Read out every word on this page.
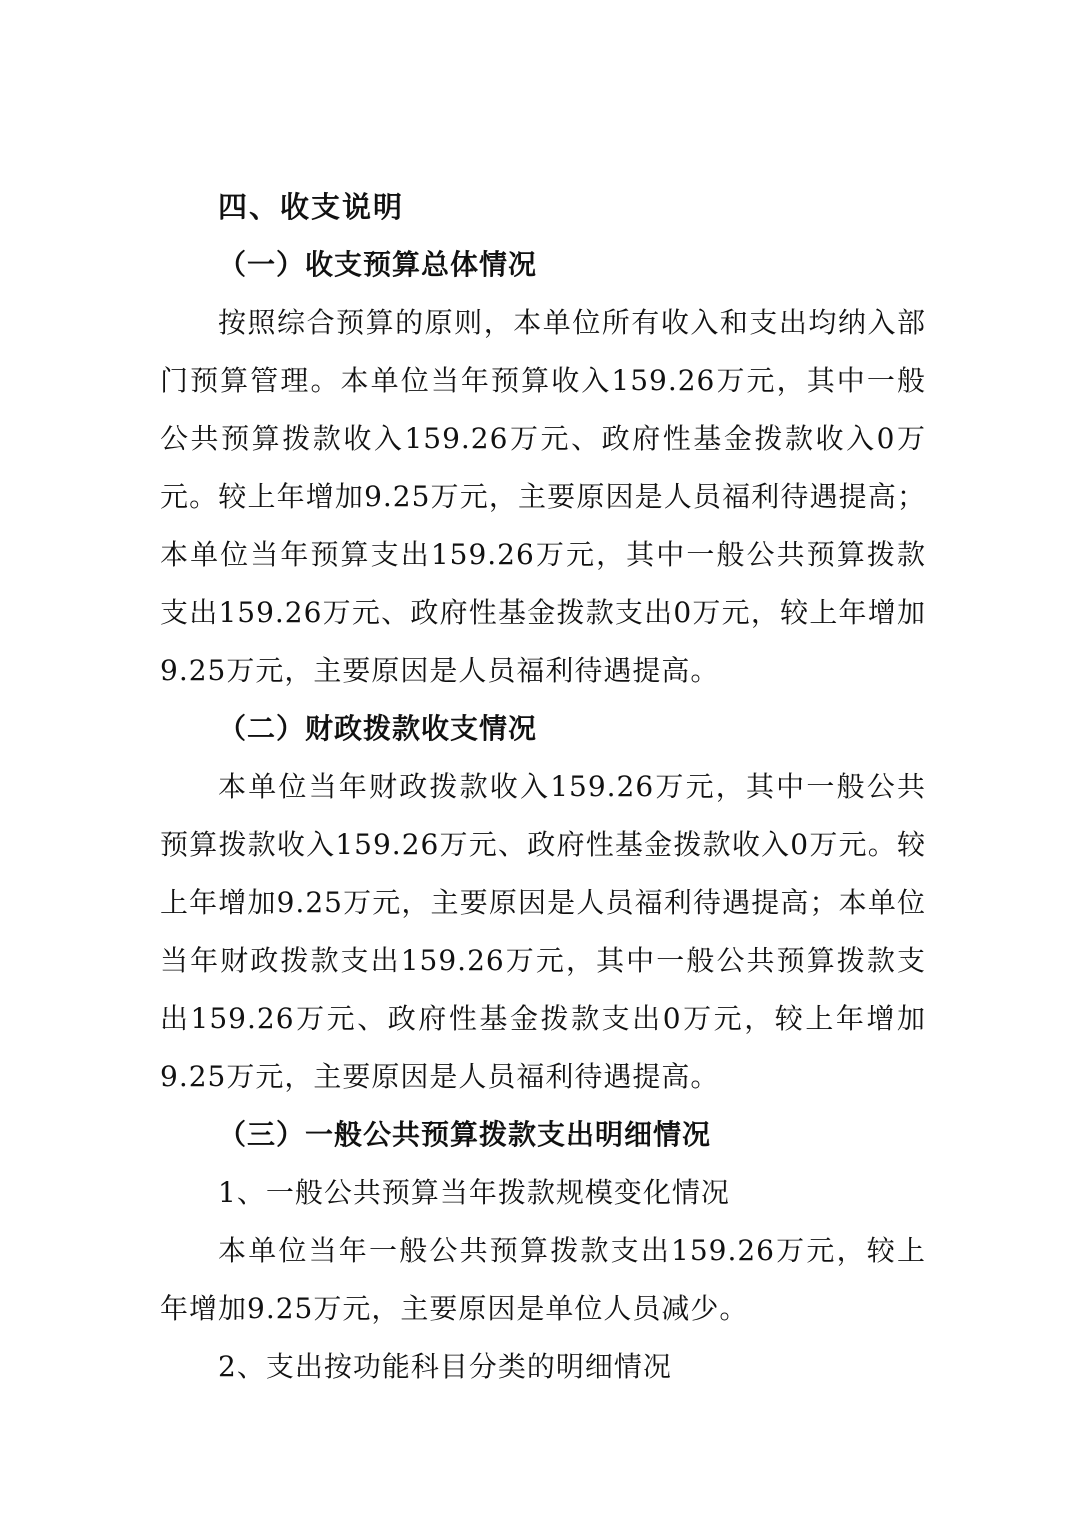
四、收支说明
（一）收支预算总体情况

按照综合预算的原则，本单位所有收入和支出均纳入部门预算管理。本单位当年预算收入159.26万元，其中一般公共预算拨款收入159.26万元、政府性基金拨款收入0万元。较上年增加9.25万元，主要原因是人员福利待遇提高；本单位当年预算支出159.26万元，其中一般公共预算拨款支出159.26万元、政府性基金拨款支出0万元，较上年增加9.25万元，主要原因是人员福利待遇提高。

（二）财政拨款收支情况

本单位当年财政拨款收入159.26万元，其中一般公共预算拨款收入159.26万元、政府性基金拨款收入0万元。较上年增加9.25万元，主要原因是人员福利待遇提高；本单位当年财政拨款支出159.26万元，其中一般公共预算拨款支出159.26万元、政府性基金拨款支出0万元，较上年增加9.25万元，主要原因是人员福利待遇提高。

（三）一般公共预算拨款支出明细情况
1、一般公共预算当年拨款规模变化情况

本单位当年一般公共预算拨款支出159.26万元，较上年增加9.25万元，主要原因是单位人员减少。

2、支出按功能科目分类的明细情况
